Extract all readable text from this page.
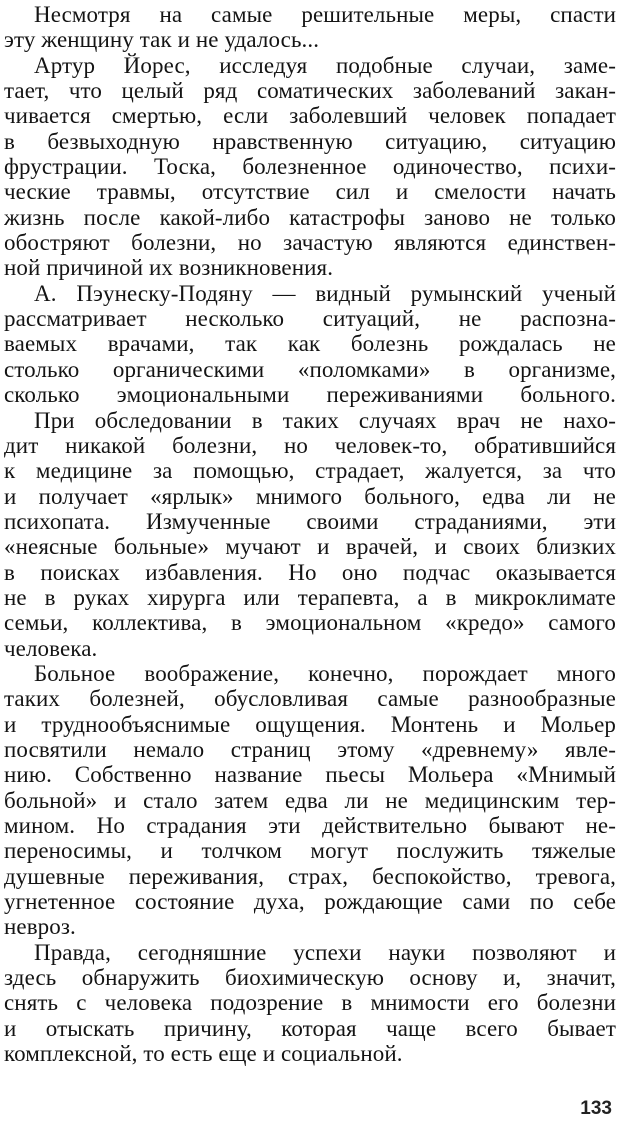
Несмотря на самые решительные меры, спасти
эту женщину так и не удалось...
Артур Йорес, исследуя подобные случаи, заме-
тает, что целый ряд соматических заболеваний закан-
чивается смертью, если заболевший человек попадает
в безвыходную нравственную ситуацию, ситуацию
фрустрации. Тоска, болезненное одиночество, психи-
ческие травмы, отсутствие сил и смелости начать
жизнь после какой-либо катастрофы заново не только
обостряют болезни, но зачастую являются единствен-
ной причиной их возникновения.
А. Пэунеску-Подяну — видный румынский ученый
рассматривает несколько ситуаций, не распозна-
ваемых врачами, так как болезнь рождалась не
столько органическими «поломками» в организме,
сколько эмоциональными переживаниями больного.
При обследовании в таких случаях врач не нахо-
дит никакой болезни, но человек-то, обратившийся
к медицине за помощью, страдает, жалуется, за что
и получает «ярлык» мнимого больного, едва ли не
психопата. Измученные своими страданиями, эти
«неясные больные» мучают и врачей, и своих близких
в поисках избавления. Но оно подчас оказывается
не в руках хирурга или терапевта, а в микроклимате
семьи, коллектива, в эмоциональном «кредо» самого
человека.
Больное воображение, конечно, порождает много
таких болезней, обусловливая самые разнообразные
и труднообъяснимые ощущения. Монтень и Мольер
посвятили немало страниц этому «древнему» явле-
нию. Собственно название пьесы Мольера «Мнимый
больной» и стало затем едва ли не медицинским тер-
мином. Но страдания эти действительно бывают не-
переносимы, и толчком могут послужить тяжелые
душевные переживания, страх, беспокойство, тревога,
угнетенное состояние духа, рождающие сами по себе
невроз.
Правда, сегодняшние успехи науки позволяют и
здесь обнаружить биохимическую основу и, значит,
снять с человека подозрение в мнимости его болезни
и отыскать причину, которая чаще всего бывает
комплексной, то есть еще и социальной.
133
